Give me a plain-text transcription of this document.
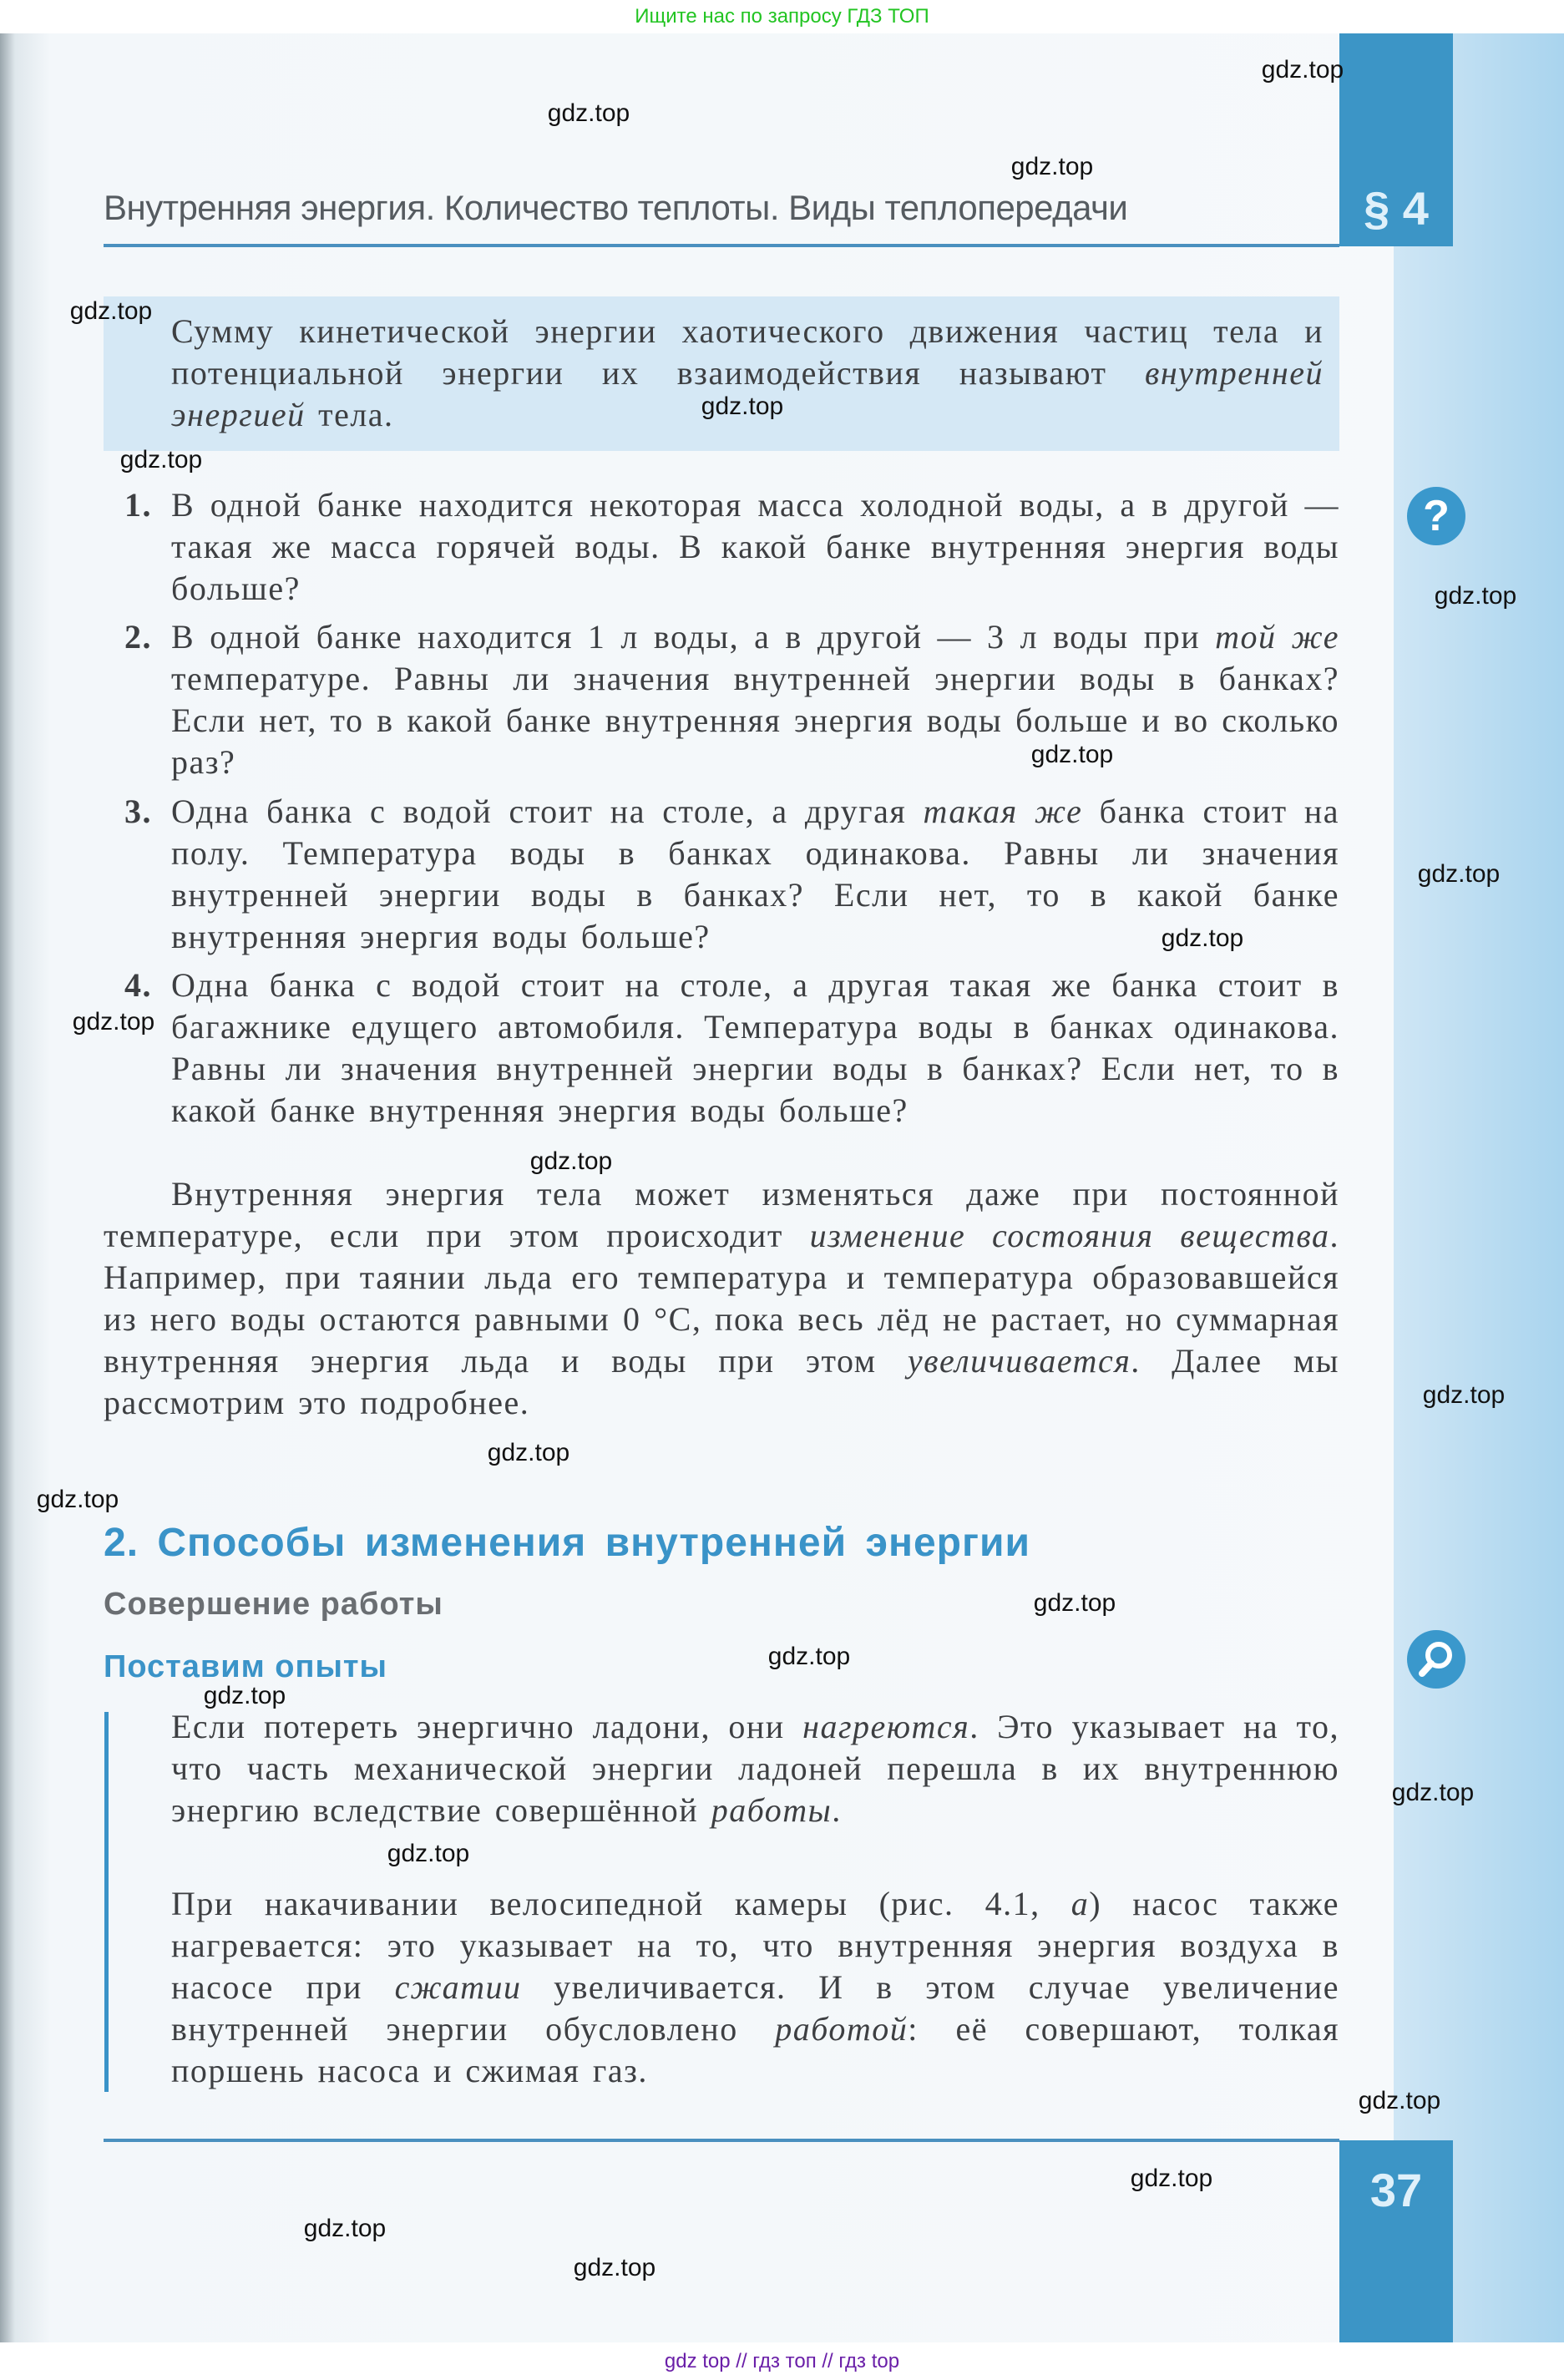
Ищите нас по запросу ГДЗ ТОП
§ 4
Внутренняя энергия. Количество теплоты. Виды теплопередачи
Сумму кинетической энергии хаотического движения частиц тела и потенциальной энергии их взаимодействия называют внутренней энергией тела.
1. В одной банке находится некоторая масса холодной воды, а в другой — такая же масса горячей воды. В какой банке внутренняя энергия воды больше?
2. В одной банке находится 1 л воды, а в другой — 3 л воды при той же температуре. Равны ли значения внутренней энергии воды в банках? Если нет, то в какой банке внутренняя энергия воды больше и во сколько раз?
3. Одна банка с водой стоит на столе, а другая такая же банка стоит на полу. Температура воды в банках одинакова. Равны ли значения внутренней энергии воды в банках? Если нет, то в какой банке внутренняя энергия воды больше?
4. Одна банка с водой стоит на столе, а другая такая же банка стоит в багажнике едущего автомобиля. Температура воды в банках одинакова. Равны ли значения внутренней энергии воды в банках? Если нет, то в какой банке внутренняя энергия воды больше?
Внутренняя энергия тела может изменяться даже при постоянной температуре, если при этом происходит изменение состояния вещества. Например, при таянии льда его температура и температура образовавшейся из него воды остаются равными 0 °С, пока весь лёд не растает, но суммарная внутренняя энергия льда и воды при этом увеличивается. Далее мы рассмотрим это подробнее.
2. Способы изменения внутренней энергии
Совершение работы
Поставим опыты
Если потереть энергично ладони, они нагреются. Это указывает на то, что часть механической энергии ладоней перешла в их внутреннюю энергию вследствие совершённой работы.
При накачивании велосипедной камеры (рис. 4.1, а) насос также нагревается: это указывает на то, что внутренняя энергия воздуха в насосе при сжатии увеличивается. И в этом случае увеличение внутренней энергии обусловлено работой: её совершают, толкая поршень насоса и сжимая газ.
?
37
gdz.top
gdz.top
gdz.top
gdz.top
gdz.top
gdz.top
gdz.top
gdz.top
gdz.top
gdz.top
gdz.top
gdz.top
gdz.top
gdz.top
gdz.top
gdz.top
gdz.top
gdz.top
gdz.top
gdz.top
gdz.top
gdz.top
gdz.top
gdz.top
gdz top // гдз топ // гдз top
